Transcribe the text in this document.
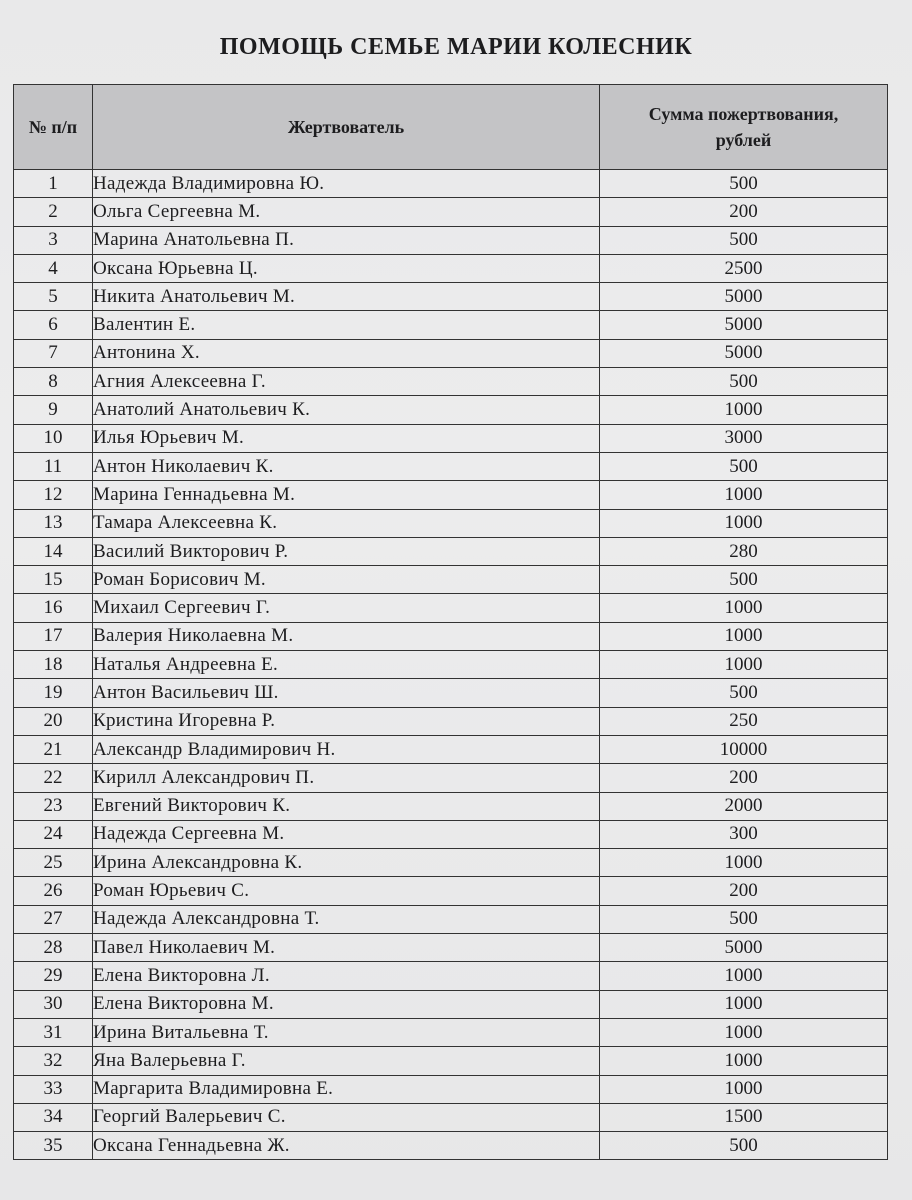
ПОМОЩЬ СЕМЬЕ МАРИИ КОЛЕСНИК
№ п/п	Жертвователь	Сумма пожертвования,
рублей

1	Надежда Владимировна Ю.	500
2	Ольга Сергеевна М.	200
3	Марина Анатольевна П.	500
4	Оксана Юрьевна Ц.	2500
5	Никита Анатольевич М.	5000
6	Валентин Е.	5000
7	Антонина Х.	5000
8	Агния Алексеевна Г.	500
9	Анатолий Анатольевич К.	1000
10	Илья Юрьевич М.	3000
11	Антон Николаевич К.	500
12	Марина Геннадьевна М.	1000
13	Тамара Алексеевна К.	1000
14	Василий Викторович Р.	280
15	Роман Борисович М.	500
16	Михаил Сергеевич Г.	1000
17	Валерия Николаевна М.	1000
18	Наталья Андреевна Е.	1000
19	Антон Васильевич Ш.	500
20	Кристина Игоревна Р.	250
21	Александр Владимирович Н.	10000
22	Кирилл Александрович П.	200
23	Евгений Викторович К.	2000
24	Надежда Сергеевна М.	300
25	Ирина Александровна К.	1000
26	Роман Юрьевич С.	200
27	Надежда Александровна Т.	500
28	Павел Николаевич М.	5000
29	Елена Викторовна Л.	1000
30	Елена Викторовна М.	1000
31	Ирина Витальевна Т.	1000
32	Яна Валерьевна Г.	1000
33	Маргарита Владимировна Е.	1000
34	Георгий Валерьевич С.	1500
35	Оксана Геннадьевна Ж.	500
